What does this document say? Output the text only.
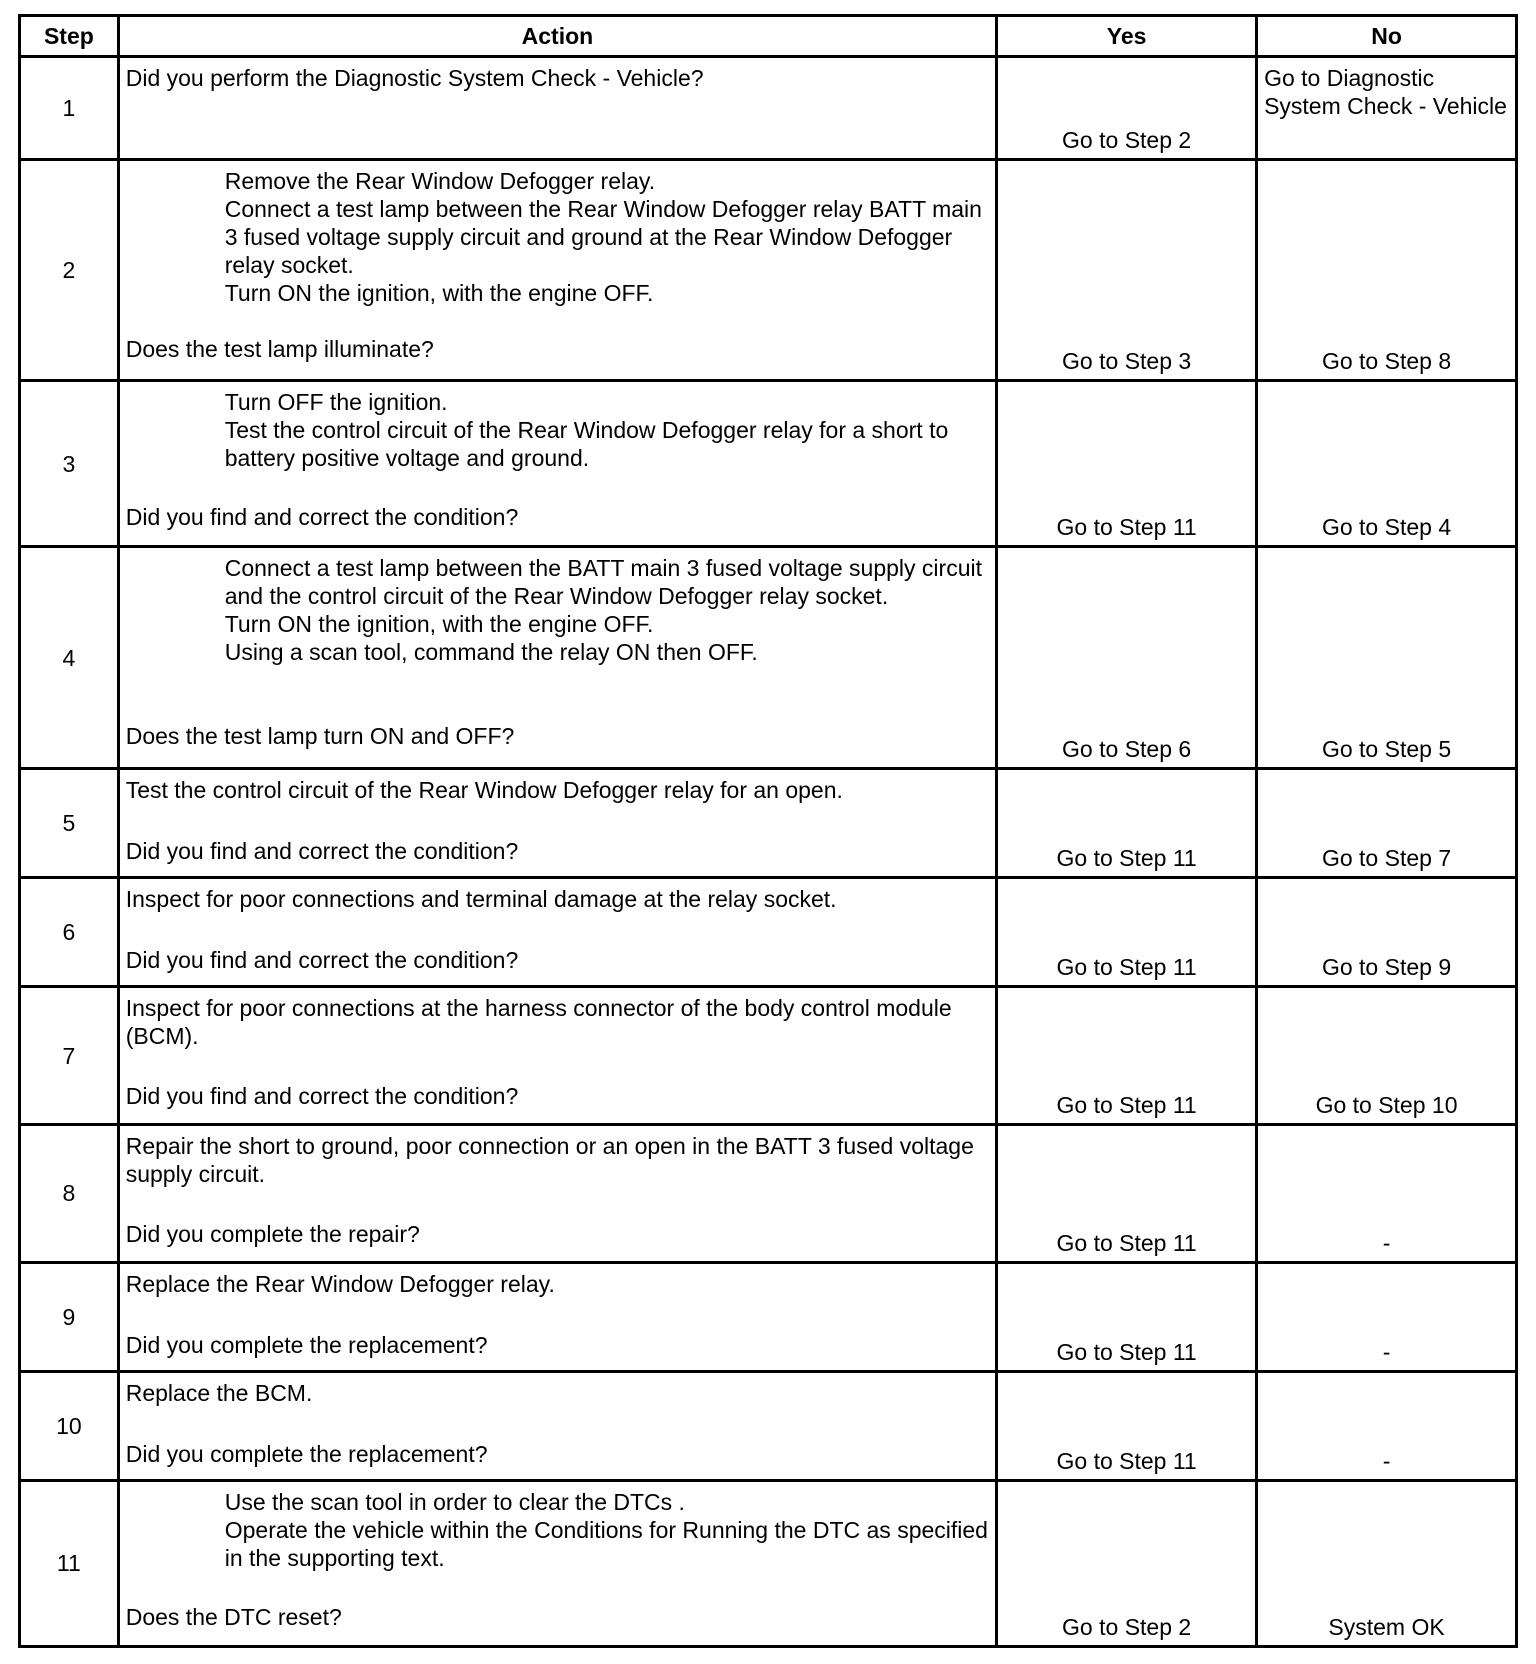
Step	Action	Yes	No
1	Did you perform the Diagnostic System Check - Vehicle?	Go to Step 2	Go to Diagnostic System Check - Vehicle
2	Remove the Rear Window Defogger relay.
Connect a test lamp between the Rear Window Defogger relay BATT main 3 fused voltage supply circuit and ground at the Rear Window Defogger relay socket.
Turn ON the ignition, with the engine OFF.
Does the test lamp illuminate?	Go to Step 3	Go to Step 8
3	Turn OFF the ignition.
Test the control circuit of the Rear Window Defogger relay for a short to battery positive voltage and ground.
Did you find and correct the condition?	Go to Step 11	Go to Step 4
4	Connect a test lamp between the BATT main 3 fused voltage supply circuit and the control circuit of the Rear Window Defogger relay socket.
Turn ON the ignition, with the engine OFF.
Using a scan tool, command the relay ON then OFF.
Does the test lamp turn ON and OFF?	Go to Step 6	Go to Step 5
5	Test the control circuit of the Rear Window Defogger relay for an open.
Did you find and correct the condition?	Go to Step 11	Go to Step 7
6	Inspect for poor connections and terminal damage at the relay socket.
Did you find and correct the condition?	Go to Step 11	Go to Step 9
7	Inspect for poor connections at the harness connector of the body control module (BCM).
Did you find and correct the condition?	Go to Step 11	Go to Step 10
8	Repair the short to ground, poor connection or an open in the BATT 3 fused voltage supply circuit.
Did you complete the repair?	Go to Step 11	-
9	Replace the Rear Window Defogger relay.
Did you complete the replacement?	Go to Step 11	-
10	Replace the BCM.
Did you complete the replacement?	Go to Step 11	-
11	Use the scan tool in order to clear the DTCs .
Operate the vehicle within the Conditions for Running the DTC as specified in the supporting text.
Does the DTC reset?	Go to Step 2	System OK
